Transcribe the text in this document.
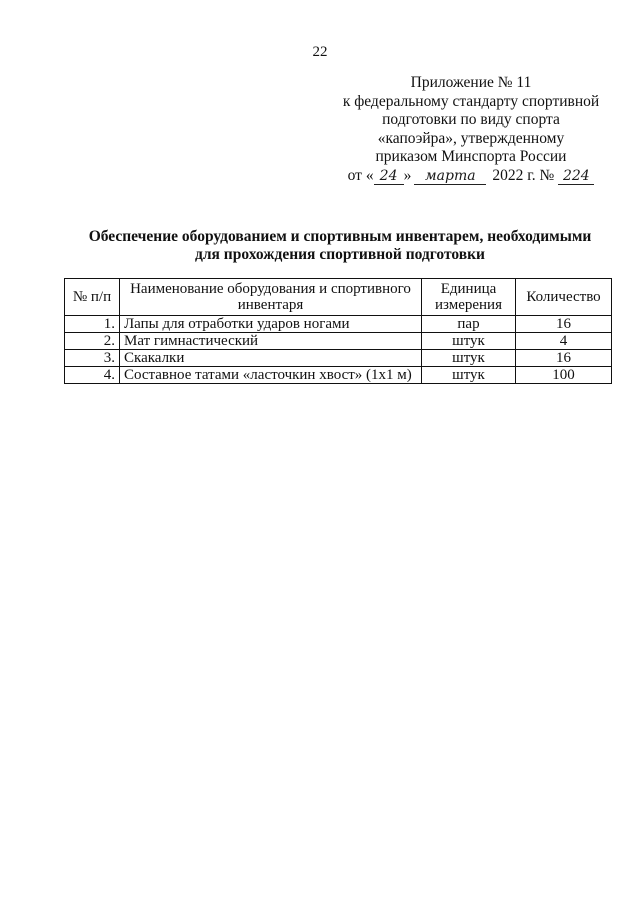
22
Приложение № 11
к федеральному стандарту спортивной
подготовки по виду спорта
«капоэйра», утвержденному
приказом Минспорта России
от « 24 » марта	2022 г. № 224
Обеспечение оборудованием и спортивным инвентарем, необходимыми
для прохождения спортивной подготовки
№ п/п	Наименование оборудования и спортивного инвентаря	Единица измерения	Количество
1.	Лапы для отработки ударов ногами	пар	16
2.	Мат гимнастический	штук	4
3.	Скакалки	штук	16
4.	Составное татами «ласточкин хвост» (1х1 м)	штук	100
